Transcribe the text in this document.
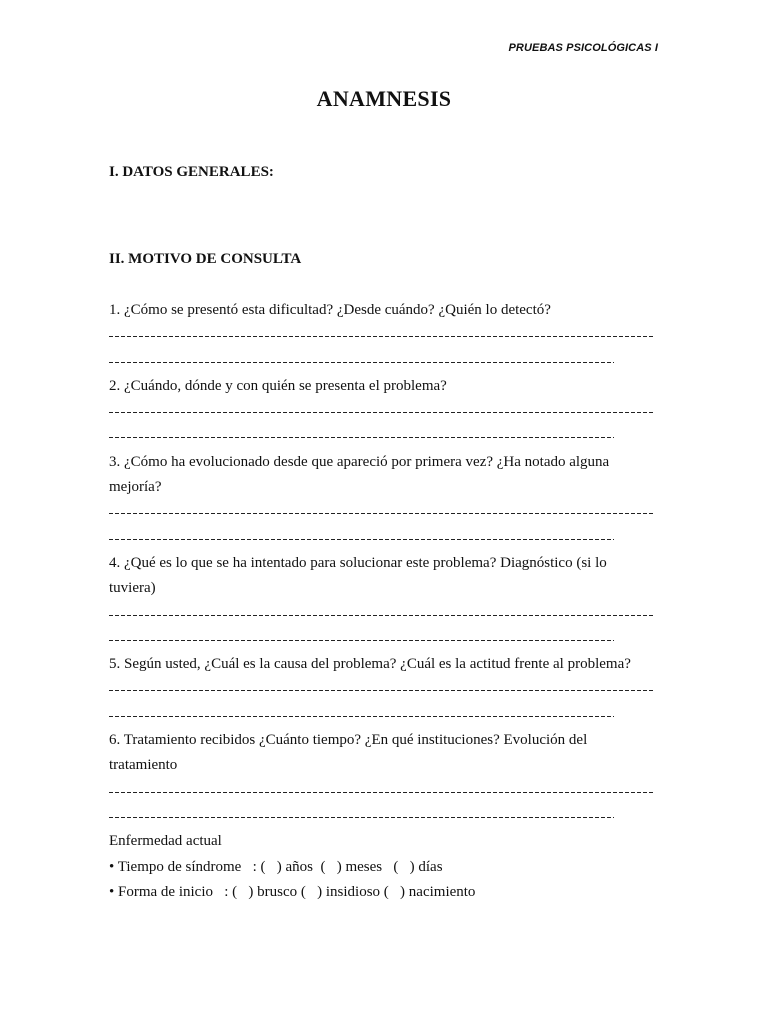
PRUEBAS PSICOLÓGICAS I
ANAMNESIS
I. DATOS GENERALES:
II. MOTIVO DE CONSULTA
1. ¿Cómo se presentó esta dificultad? ¿Desde cuándo? ¿Quién lo detectó?
2. ¿Cuándo, dónde y con quién se presenta el problema?
3. ¿Cómo ha evolucionado desde que apareció por primera vez? ¿Ha notado alguna
mejoría?
4. ¿Qué es lo que se ha intentado para solucionar este problema? Diagnóstico (si lo
tuviera)
5. Según usted, ¿Cuál es la causa del problema? ¿Cuál es la actitud frente al problema?
6. Tratamiento recibidos ¿Cuánto tiempo? ¿En qué instituciones? Evolución del
tratamiento
Enfermedad actual
• Tiempo de síndrome   : (   ) años  (   ) meses   (   ) días
• Forma de inicio   : (   ) brusco (   ) insidioso (   ) nacimiento
